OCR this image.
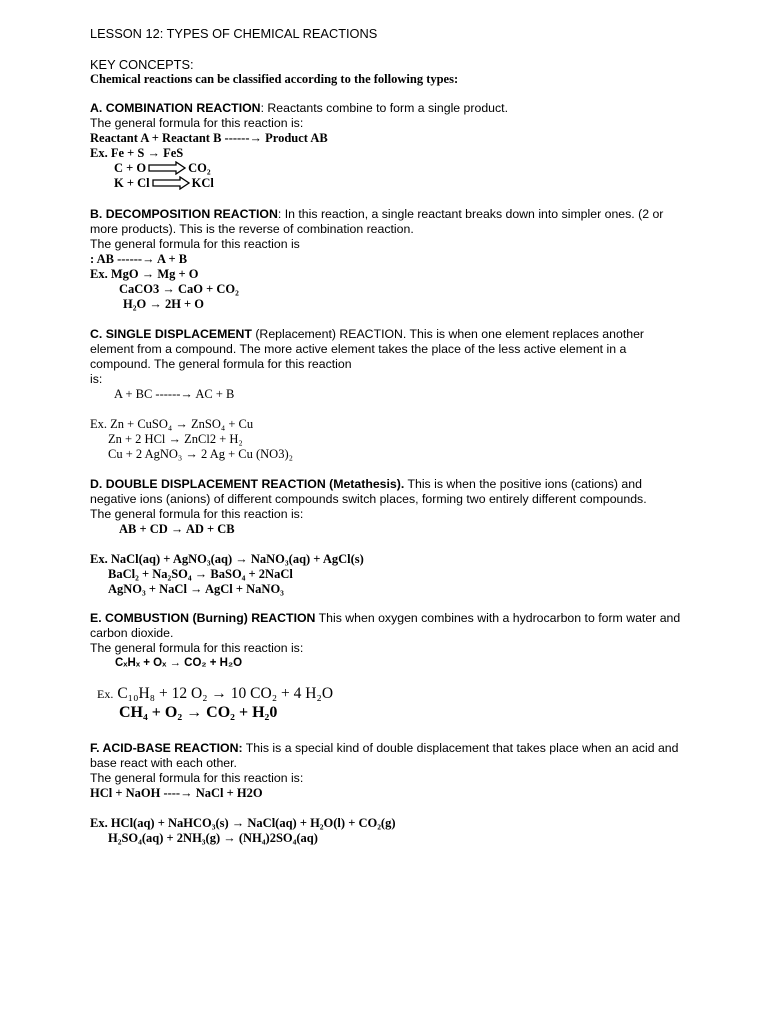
LESSON 12: TYPES OF CHEMICAL REACTIONS
KEY CONCEPTS:
Chemical reactions can be classified according to the following types:
A. COMBINATION REACTION: Reactants combine to form a single product.
The general formula for this reaction is:
Reactant A + Reactant B ------→ Product AB
Ex. Fe + S → FeS
C + O	CO₂
K + Cl	KCl
B. DECOMPOSITION REACTION: In this reaction, a single reactant breaks down into simpler ones. (2 or more products). This is the reverse of combination reaction.
The general formula for this reaction is
: AB ------→ A + B
Ex. MgO → Mg + O
CaCO3 → CaO + CO₂
H₂O → 2H + O
C. SINGLE DISPLACEMENT (Replacement) REACTION. This is when one element replaces another element from a compound. The more active element takes the place of the less active element in a compound. The general formula for this reaction
is:
A + BC ------→ AC + B
Ex. Zn + CuSO₄ → ZnSO₄ + Cu
Zn + 2 HCl → ZnCl2 + H₂
Cu + 2 AgNO₃ → 2 Ag + Cu (NO3)₂
D. DOUBLE DISPLACEMENT REACTION (Metathesis). This is when the positive ions (cations) and negative ions (anions) of different compounds switch places, forming two entirely different compounds.
The general formula for this reaction is:
AB + CD → AD + CB
Ex. NaCl(aq) + AgNO₃(aq) → NaNO₃(aq) + AgCl(s)
BaCl₂ + Na₂SO₄ → BaSO₄ + 2NaCl
AgNO₃ + NaCl → AgCl + NaNO₃
E. COMBUSTION (Burning) REACTION This when oxygen combines with a hydrocarbon to form water and carbon dioxide.
The general formula for this reaction is:
CₓHₓ + Oₓ → CO₂ + H₂O
Ex. C₁₀H₈ + 12 O₂ → 10 CO₂ + 4 H₂O
CH₄ + O₂ → CO₂ + H₂0
F. ACID-BASE REACTION: This is a special kind of double displacement that takes place when an acid and base react with each other.
The general formula for this reaction is:
HCl + NaOH ----→ NaCl + H2O
Ex. HCl(aq) + NaHCO₃(s) → NaCl(aq) + H₂O(l) + CO₂(g)
H₂SO₄(aq) + 2NH₃(g) → (NH₄)2SO₄(aq)
